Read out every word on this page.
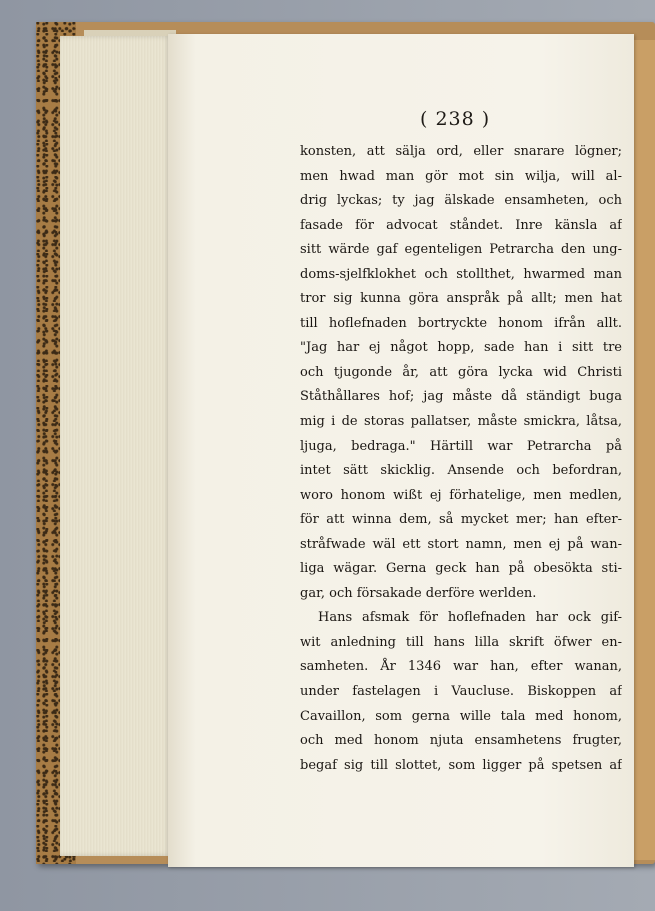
( 238 )
konsten, att sälja ord, eller snarare lögner;
men hwad man gör mot sin wilja, will al-
drig lyckas; ty jag älskade ensamheten, och
fasade för advocat ståndet. Inre känsla af
sitt wärde gaf egenteligen Petrarcha den ung-
doms-sjelfklokhet och stollthet, hwarmed man
tror sig kunna göra anspråk på allt; men hat
till hoflefnaden bortryckte honom ifrån allt.
"Jag har ej något hopp, sade han i sitt tre
och tjugonde år, att göra lycka wid Christi
Ståthållares hof; jag måste då ständigt buga
mig i de storas pallatser, måste smickra, låtsa,
ljuga, bedraga." Härtill war Petrarcha på
intet sätt skicklig. Ansende och befordran,
woro honom wißt ej förhatelige, men medlen,
för att winna dem, så mycket mer; han efter-
stråfwade wäl ett stort namn, men ej på wan-
liga wägar. Gerna geck han på obesökta sti-
gar, och försakade derföre werlden.
Hans afsmak för hoflefnaden har ock gif-
wit anledning till hans lilla skrift öfwer en-
samheten. År 1346 war han, efter wanan,
under fastelagen i Vaucluse. Biskoppen af
Cavaillon, som gerna wille tala med honom,
och med honom njuta ensamhetens frugter,
begaf sig till slottet, som ligger på spetsen af
